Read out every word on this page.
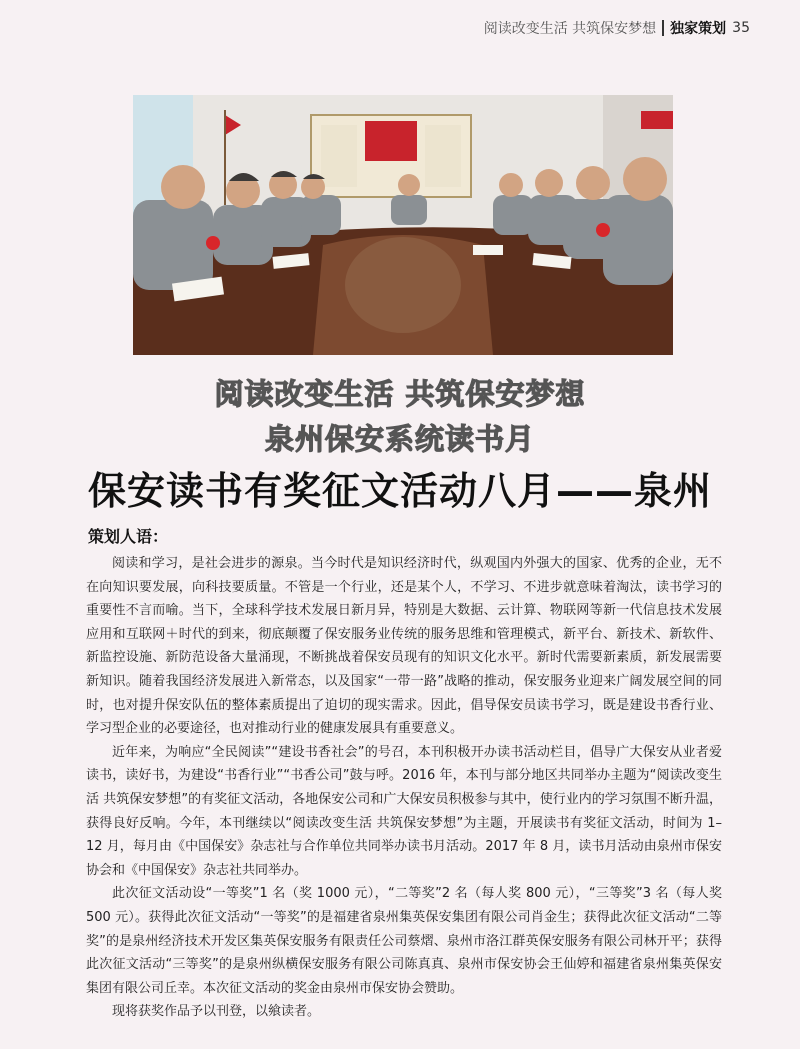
阅读改变生活 共筑保安梦想 独家策划 35
阅读改变生活 共筑保安梦想
泉州保安系统读书月
保安读书有奖征文活动八月——泉州
策划人语：

阅读和学习，是社会进步的源泉。当今时代是知识经济时代，纵观国内外强大的国家、优秀的企业，无不在向知识要发展，向科技要质量。不管是一个行业，还是某个人，不学习、不进步就意味着淘汰，读书学习的重要性不言而喻。当下，全球科学技术发展日新月异，特别是大数据、云计算、物联网等新一代信息技术发展应用和互联网＋时代的到来，彻底颠覆了保安服务业传统的服务思维和管理模式，新平台、新技术、新软件、新监控设施、新防范设备大量涌现，不断挑战着保安员现有的知识文化水平。新时代需要新素质，新发展需要新知识。随着我国经济发展进入新常态，以及国家“一带一路”战略的推动，保安服务业迎来广阔发展空间的同时，也对提升保安队伍的整体素质提出了迫切的现实需求。因此，倡导保安员读书学习，既是建设书香行业、学习型企业的必要途径，也对推动行业的健康发展具有重要意义。

近年来，为响应“全民阅读”“建设书香社会”的号召，本刊积极开办读书活动栏目，倡导广大保安从业者爱读书，读好书，为建设“书香行业”“书香公司”鼓与呼。2016 年，本刊与部分地区共同举办主题为“阅读改变生活 共筑保安梦想”的有奖征文活动，各地保安公司和广大保安员积极参与其中，使行业内的学习氛围不断升温，获得良好反响。今年，本刊继续以“阅读改变生活 共筑保安梦想”为主题，开展读书有奖征文活动，时间为 1–12 月，每月由《中国保安》杂志社与合作单位共同举办读书月活动。2017 年 8 月，读书月活动由泉州市保安协会和《中国保安》杂志社共同举办。

此次征文活动设“一等奖”1 名（奖 1000 元），“二等奖”2 名（每人奖 800 元），“三等奖”3 名（每人奖 500 元）。获得此次征文活动“一等奖”的是福建省泉州集英保安集团有限公司肖金生；获得此次征文活动“二等奖”的是泉州经济技术开发区集英保安服务有限责任公司蔡熠、泉州市洛江群英保安服务有限公司林开平；获得此次征文活动“三等奖”的是泉州纵横保安服务有限公司陈真真、泉州市保安协会王仙婷和福建省泉州集英保安集团有限公司丘幸。本次征文活动的奖金由泉州市保安协会赞助。

现将获奖作品予以刊登，以飨读者。
